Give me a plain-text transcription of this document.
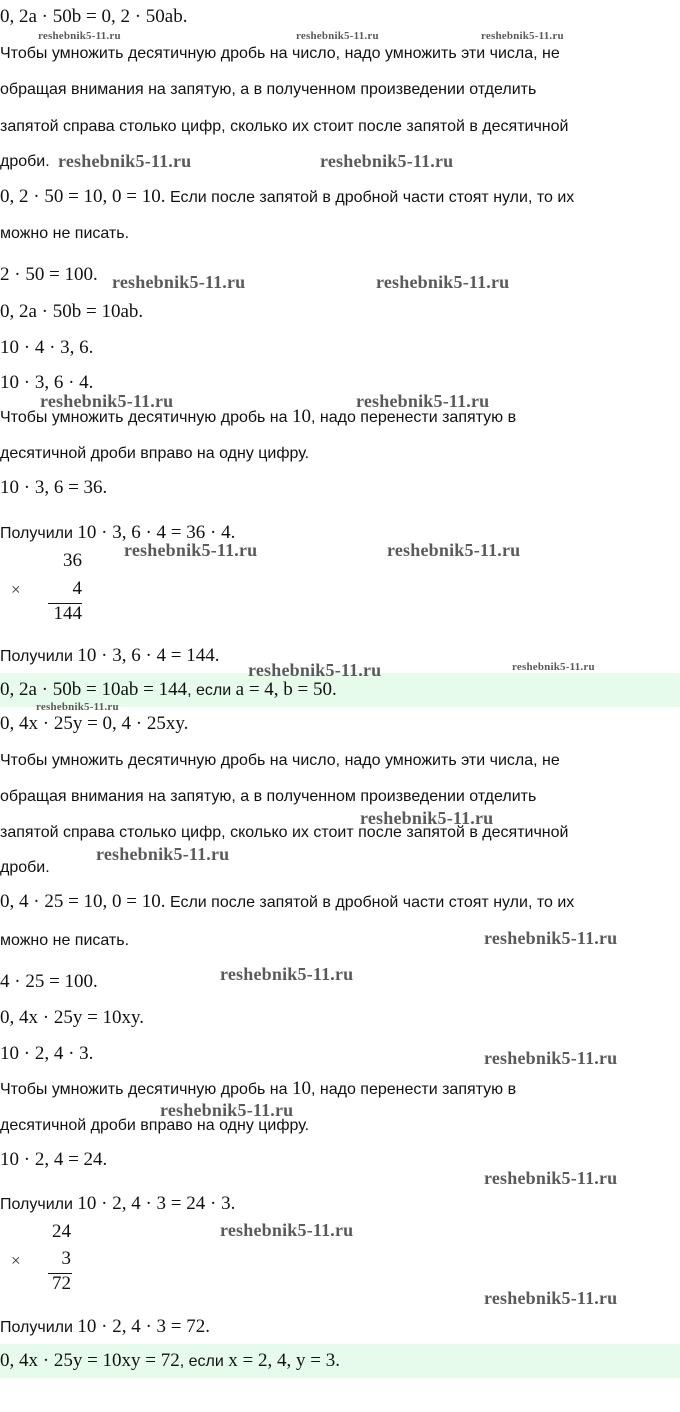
0, 2a · 50b = 0, 2 · 50ab.
Чтобы умножить десятичную дробь на число, надо умножить эти числа, не
обращая внимания на запятую, а в полученном произведении отделить
запятой справа столько цифр, сколько их стоит после запятой в десятичной
дроби.
0, 2 · 50 = 10, 0 = 10. Если после запятой в дробной части стоят нули, то их
можно не писать.
2 · 50 = 100.
0, 2a · 50b = 10ab.
10 · 4 · 3, 6.
10 · 3, 6 · 4.
Чтобы умножить десятичную дробь на 10, надо перенести запятую в
десятичной дроби вправо на одну цифру.
10 · 3, 6 = 36.
Получили 10 · 3, 6 · 4 = 36 · 4.
36
×	4
144
Получили 10 · 3, 6 · 4 = 144.
0, 2a · 50b = 10ab = 144, если a = 4, b = 50.
0, 4x · 25y = 0, 4 · 25xy.
Чтобы умножить десятичную дробь на число, надо умножить эти числа, не
обращая внимания на запятую, а в полученном произведении отделить
запятой справа столько цифр, сколько их стоит после запятой в десятичной
дроби.
0, 4 · 25 = 10, 0 = 10. Если после запятой в дробной части стоят нули, то их
можно не писать.
4 · 25 = 100.
0, 4x · 25y = 10xy.
10 · 2, 4 · 3.
Чтобы умножить десятичную дробь на 10, надо перенести запятую в
десятичной дроби вправо на одну цифру.
10 · 2, 4 = 24.
Получили 10 · 2, 4 · 3 = 24 · 3.
24
×	3
72
Получили 10 · 2, 4 · 3 = 72.
0, 4x · 25y = 10xy = 72, если x = 2, 4, y = 3.
reshebnik5-11.ru	reshebnik5-11.ru	reshebnik5-11.ru
reshebnik5-11.ru	reshebnik5-11.ru
reshebnik5-11.ru	reshebnik5-11.ru
reshebnik5-11.ru	reshebnik5-11.ru
reshebnik5-11.ru	reshebnik5-11.ru
reshebnik5-11.ru	reshebnik5-11.ru
reshebnik5-11.ru
reshebnik5-11.ru
reshebnik5-11.ru
reshebnik5-11.ru
reshebnik5-11.ru
reshebnik5-11.ru
reshebnik5-11.ru
reshebnik5-11.ru
reshebnik5-11.ru
reshebnik5-11.ru
